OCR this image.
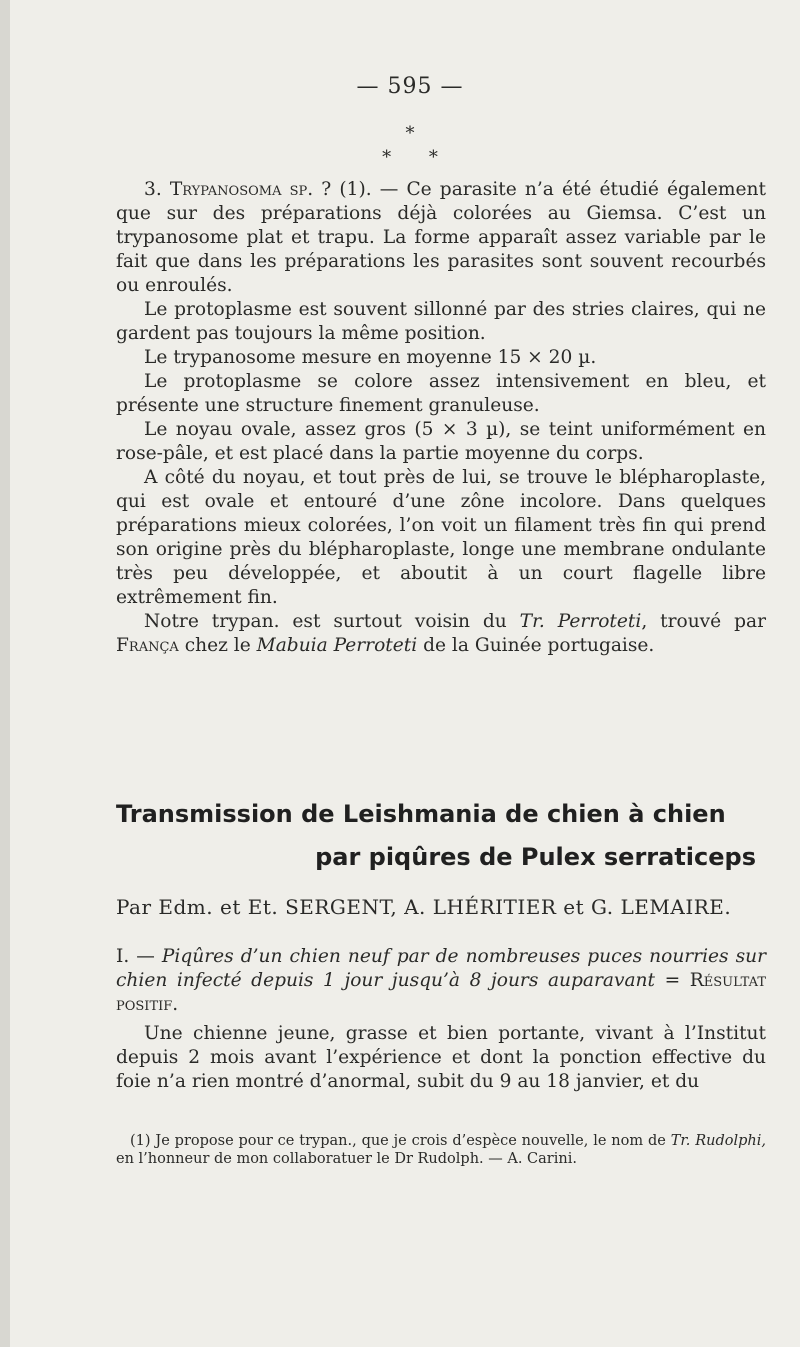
— 595 —
*
* *

3. Trypanosoma sp. ? (1). — Ce parasite n’a été étudié également que sur des préparations déjà colorées au Giemsa. C’est un trypanosome plat et trapu. La forme apparaît assez variable par le fait que dans les préparations les parasites sont souvent recourbés ou enroulés.

Le protoplasme est souvent sillonné par des stries claires, qui ne gardent pas toujours la même position.

Le trypanosome mesure en moyenne 15 × 20 µ.

Le protoplasme se colore assez intensivement en bleu, et présente une structure finement granuleuse.

Le noyau ovale, assez gros (5 × 3 µ), se teint uniformément en rose-pâle, et est placé dans la partie moyenne du corps.

A côté du noyau, et tout près de lui, se trouve le blépharoplaste, qui est ovale et entouré d’une zône incolore. Dans quelques préparations mieux colorées, l’on voit un filament très fin qui prend son origine près du blépharoplaste, longe une membrane ondulante très peu développée, et aboutit à un court flagelle libre extrêmement fin.

Notre trypan. est surtout voisin du Tr. Perroteti, trouvé par França chez le Mabuia Perroteti de la Guinée portugaise.

Transmission de Leishmania de chien à chien
par piqûres de Pulex serraticeps

Par Edm. et Et. SERGENT, A. LHÉRITIER et G. LEMAIRE.

I. — Piqûres d’un chien neuf par de nombreuses puces nourries sur chien infecté depuis 1 jour jusqu’à 8 jours auparavant = Résultat positif.

Une chienne jeune, grasse et bien portante, vivant à l’Institut depuis 2 mois avant l’expérience et dont la ponction effective du foie n’a rien montré d’anormal, subit du 9 au 18 janvier, et du

(1) Je propose pour ce trypan., que je crois d’espèce nouvelle, le nom de Tr. Rudolphi, en l’honneur de mon collaboratuer le Dr Rudolph. — A. Carini.
